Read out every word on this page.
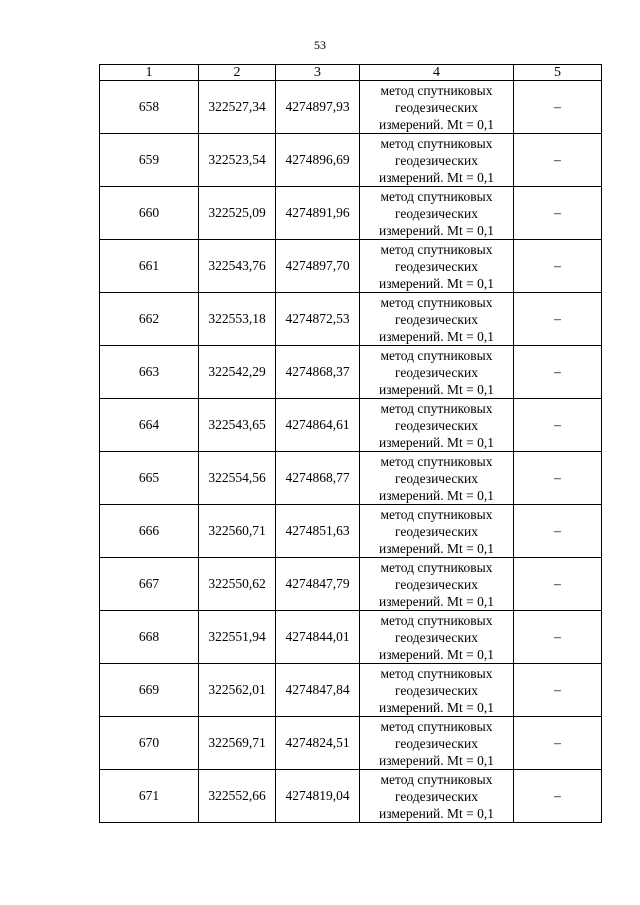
53
1	2	3	4	5
658	322527,34	4274897,93	метод спутниковых
геодезических
измерений. Mt = 0,1	–
659	322523,54	4274896,69	метод спутниковых
геодезических
измерений. Mt = 0,1	–
660	322525,09	4274891,96	метод спутниковых
геодезических
измерений. Mt = 0,1	–
661	322543,76	4274897,70	метод спутниковых
геодезических
измерений. Mt = 0,1	–
662	322553,18	4274872,53	метод спутниковых
геодезических
измерений. Mt = 0,1	–
663	322542,29	4274868,37	метод спутниковых
геодезических
измерений. Mt = 0,1	–
664	322543,65	4274864,61	метод спутниковых
геодезических
измерений. Mt = 0,1	–
665	322554,56	4274868,77	метод спутниковых
геодезических
измерений. Mt = 0,1	–
666	322560,71	4274851,63	метод спутниковых
геодезических
измерений. Mt = 0,1	–
667	322550,62	4274847,79	метод спутниковых
геодезических
измерений. Mt = 0,1	–
668	322551,94	4274844,01	метод спутниковых
геодезических
измерений. Mt = 0,1	–
669	322562,01	4274847,84	метод спутниковых
геодезических
измерений. Mt = 0,1	–
670	322569,71	4274824,51	метод спутниковых
геодезических
измерений. Mt = 0,1	–
671	322552,66	4274819,04	метод спутниковых
геодезических
измерений. Mt = 0,1	–
